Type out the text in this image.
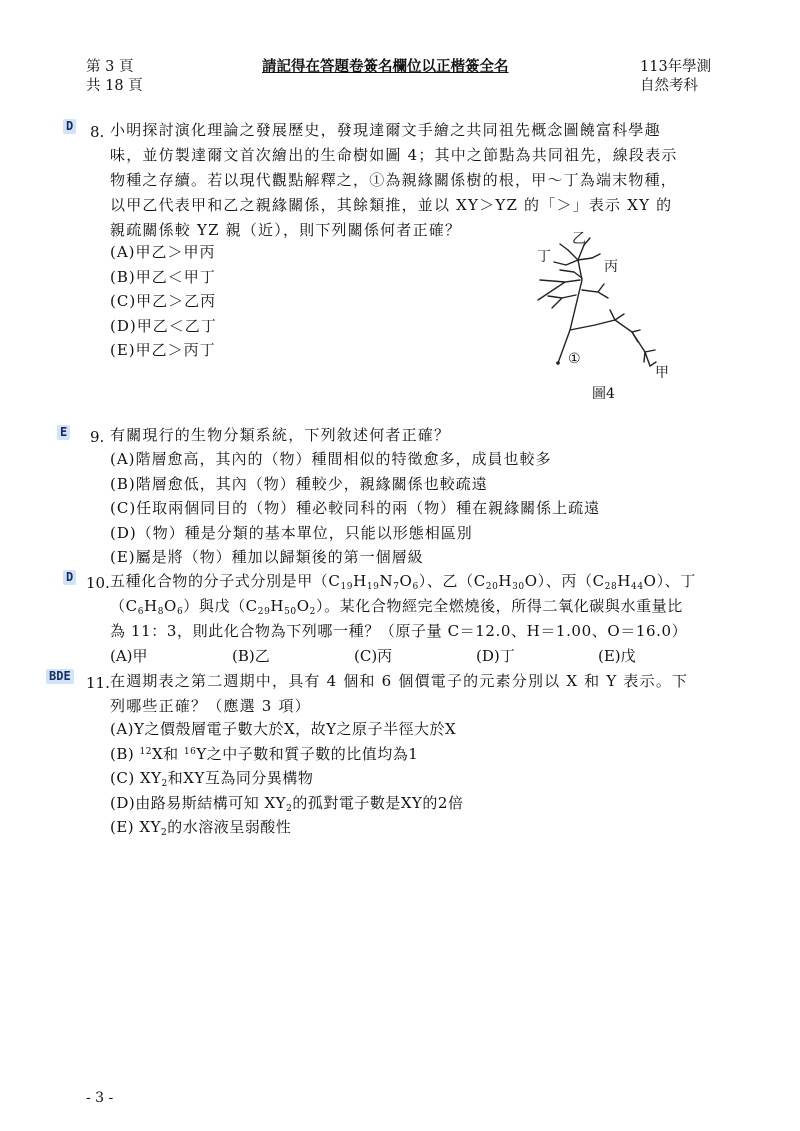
第 3 頁
共 18 頁
請記得在答題卷簽名欄位以正楷簽全名	113年學測
自然考科
D 8. 小明探討演化理論之發展歷史，發現達爾文手繪之共同祖先概念圖饒富科學趣
味，並仿製達爾文首次繪出的生命樹如圖 4；其中之節點為共同祖先，線段表示
物種之存續。若以現代觀點解釋之，①為親緣關係樹的根，甲～丁為端末物種，
以甲乙代表甲和乙之親緣關係，其餘類推，並以 XY＞YZ 的「＞」表示 XY 的
親疏關係較 YZ 親（近），則下列關係何者正確？
(A)甲乙＞甲丙
(B)甲乙＜甲丁
(C)甲乙＞乙丙
(D)甲乙＜乙丁
(E)甲乙＞丙丁
乙
丁
丙
①
甲
圖4
E 9. 有關現行的生物分類系統，下列敘述何者正確？
(A)階層愈高，其內的（物）種間相似的特徵愈多，成員也較多
(B)階層愈低，其內（物）種較少，親緣關係也較疏遠
(C)任取兩個同目的（物）種必較同科的兩（物）種在親緣關係上疏遠
(D)（物）種是分類的基本單位，只能以形態相區別
(E)屬是將（物）種加以歸類後的第一個層級
D 10. 五種化合物的分子式分別是甲$(C_{19}H_{19}N_7O_6)$、乙$(C_{20}H_{30}O)$、丙$(C_{28}H_{44}O)$、丁
$(C_6H_8O_6)$與戊$(C_{29}H_{50}O_2)$。某化合物經完全燃燒後，所得二氧化碳與水重量比
為 11：3，則此化合物為下列哪一種？（原子量 C＝12.0、H＝1.00、O＝16.0）
(A)甲	(B)乙	(C)丙	(D)丁	(E)戊
BDE 11. 在週期表之第二週期中，具有 4 個和 6 個價電子的元素分別以 X 和 Y 表示。下
列哪些正確？（應選 3 項）
(A)Y之價殼層電子數大於X，故Y之原子半徑大於X
(B) $^{12}$X和 $^{16}$Y之中子數和質子數的比值均為1
(C) $XY_2$和XY互為同分異構物
(D)由路易斯結構可知 $XY_2$的孤對電子數是XY的2倍
(E) $XY_2$的水溶液呈弱酸性
- 3 -
